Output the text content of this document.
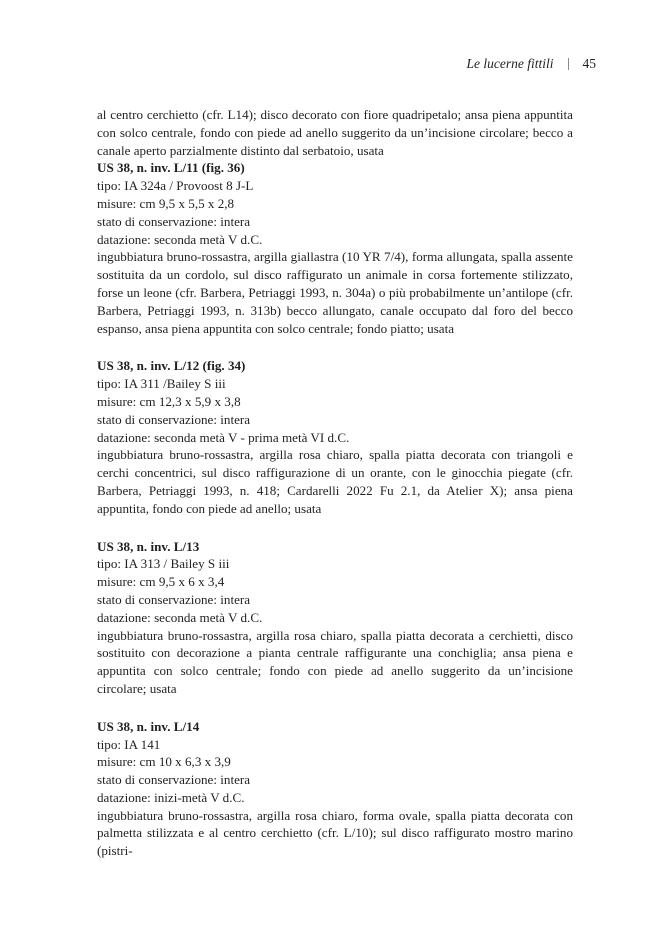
Le lucerne fittili 45

al centro cerchietto (cfr. L14); disco decorato con fiore quadripetalo; ansa piena appuntita con solco centrale, fondo con piede ad anello suggerito da un’incisione circolare; becco a canale aperto parzialmente distinto dal serbatoio, usata

US 38, n. inv. L/11 (fig. 36)

tipo: IA 324a / Provoost 8 J-L

misure: cm 9,5 x 5,5 x 2,8

stato di conservazione: intera

datazione: seconda metà V d.C.

ingubbiatura bruno-rossastra, argilla giallastra (10 YR 7/4), forma allungata, spalla assente sostituita da un cordolo, sul disco raffigurato un animale in corsa fortemente stilizzato, forse un leone (cfr. Barbera, Petriaggi 1993, n. 304a) o più probabilmente un’antilope (cfr. Barbera, Petriaggi 1993, n. 313b) becco allungato, canale occupato dal foro del becco espanso, ansa piena appuntita con solco centrale; fondo piatto; usata

US 38, n. inv. L/12 (fig. 34)

tipo: IA 311 /Bailey S iii

misure: cm 12,3 x 5,9 x 3,8

stato di conservazione: intera

datazione: seconda metà V - prima metà VI d.C.

ingubbiatura bruno-rossastra, argilla rosa chiaro, spalla piatta decorata con triangoli e cerchi concentrici, sul disco raffigurazione di un orante, con le ginocchia piegate (cfr. Barbera, Petriaggi 1993, n. 418; Cardarelli 2022 Fu 2.1, da Atelier X); ansa piena appuntita, fondo con piede ad anello; usata

US 38, n. inv. L/13

tipo: IA 313 / Bailey S iii

misure: cm 9,5 x 6 x 3,4

stato di conservazione: intera

datazione: seconda metà V d.C.

ingubbiatura bruno-rossastra, argilla rosa chiaro, spalla piatta decorata a cerchietti, disco sostituito con decorazione a pianta centrale raffigurante una conchiglia; ansa piena e appuntita con solco centrale; fondo con piede ad anello suggerito da un’incisione circolare; usata

US 38, n. inv. L/14

tipo: IA 141

misure: cm 10 x 6,3 x 3,9

stato di conservazione: intera

datazione: inizi-metà V d.C.

ingubbiatura bruno-rossastra, argilla rosa chiaro, forma ovale, spalla piatta decorata con palmetta stilizzata e al centro cerchietto (cfr. L/10); sul disco raffigurato mostro marino (pistri-
